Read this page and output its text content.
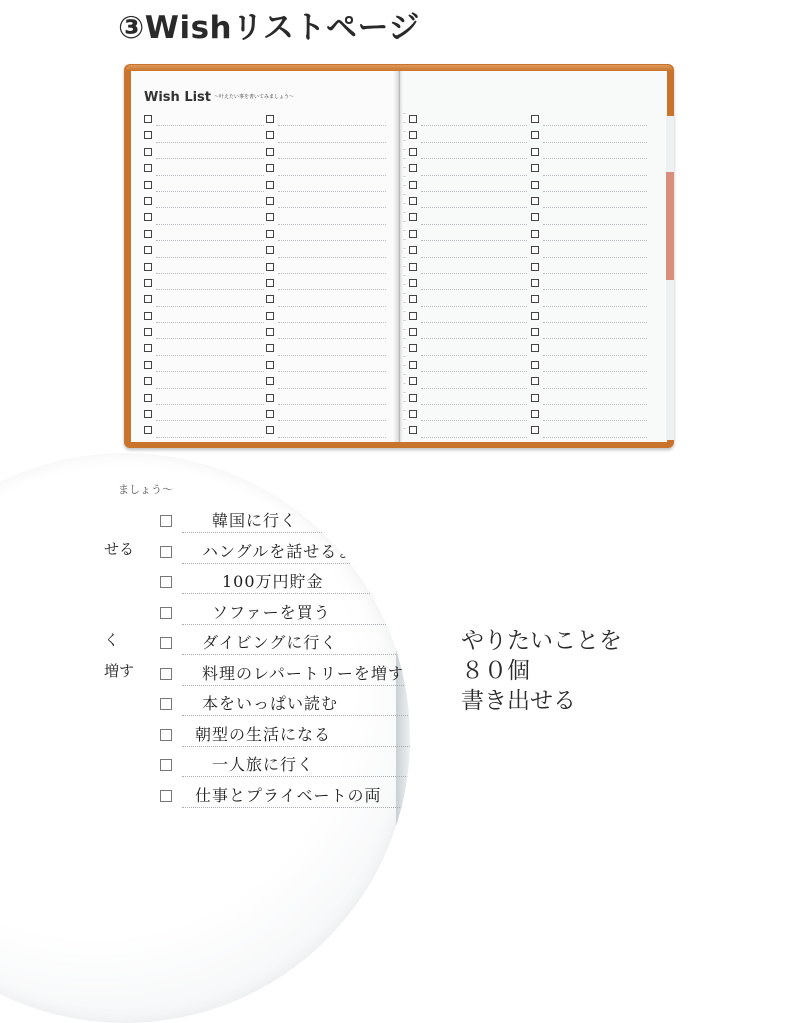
③Wishリストページ
Wish List 〜叶えたい事を書いてみましょう〜
ましょう〜
せる
く
増す
韓国に行く
ハングルを話せるように
100万円貯金
ソファーを買う
ダイビングに行く
料理のレパートリーを増す
本をいっぱい読む
朝型の生活になる
一人旅に行く
仕事とプライベートの両
やりたいことを
８０個
書き出せる
